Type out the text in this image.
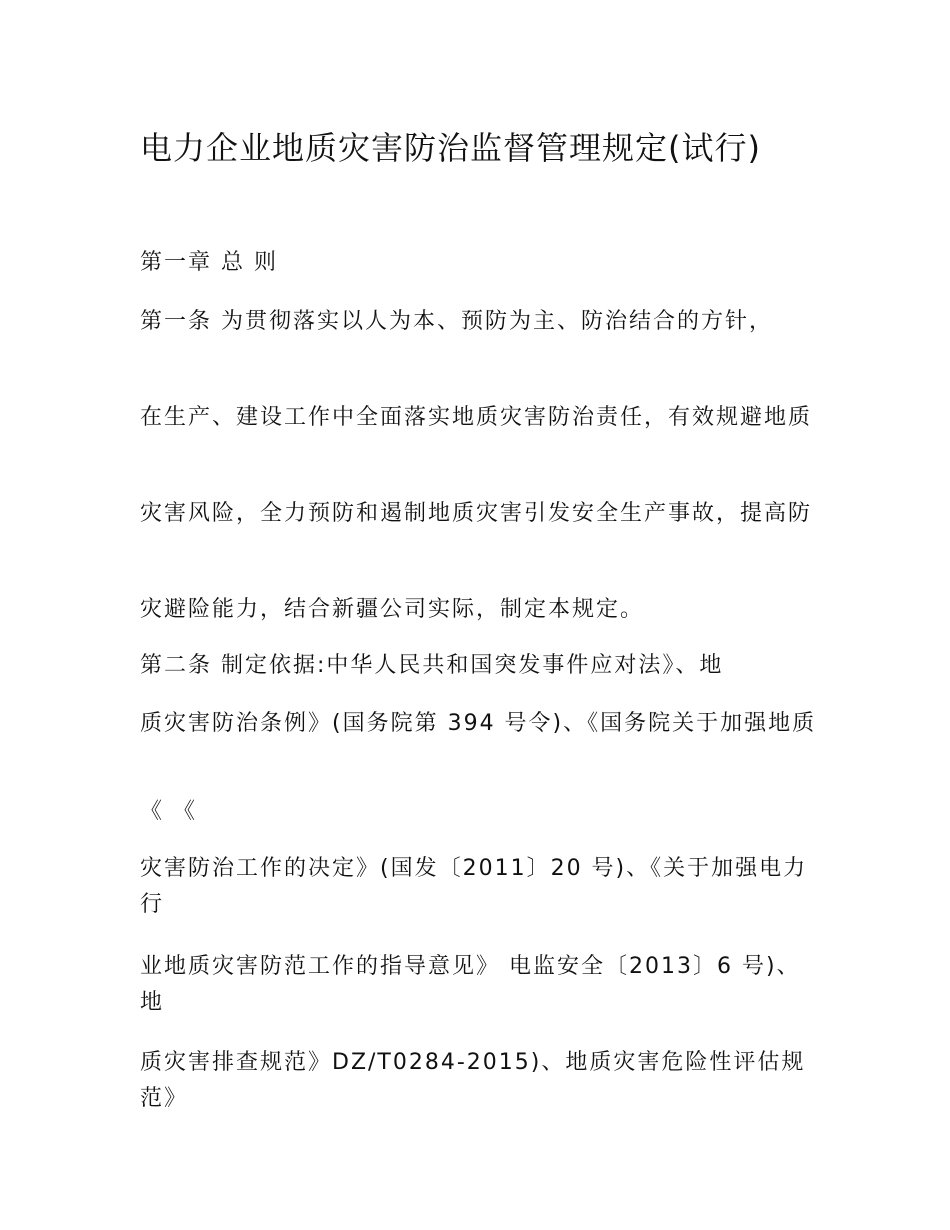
电力企业地质灾害防治监督管理规定(试行)

第一章 总 则

第一条 为贯彻落实以人为本、预防为主、防治结合的方针，

在生产、建设工作中全面落实地质灾害防治责任，有效规避地质

灾害风险，全力预防和遏制地质灾害引发安全生产事故，提高防

灾避险能力，结合新疆公司实际，制定本规定。

第二条 制定依据:中华人民共和国突发事件应对法》、地

质灾害防治条例》(国务院第 394 号令)、《国务院关于加强地质

《 《

灾害防治工作的决定》(国发〔2011〕20 号)、《关于加强电力行

业地质灾害防范工作的指导意见》 电监安全〔2013〕6 号)、 地

质灾害排查规范》DZ/T0284-2015)、地质灾害危险性评估规范》
